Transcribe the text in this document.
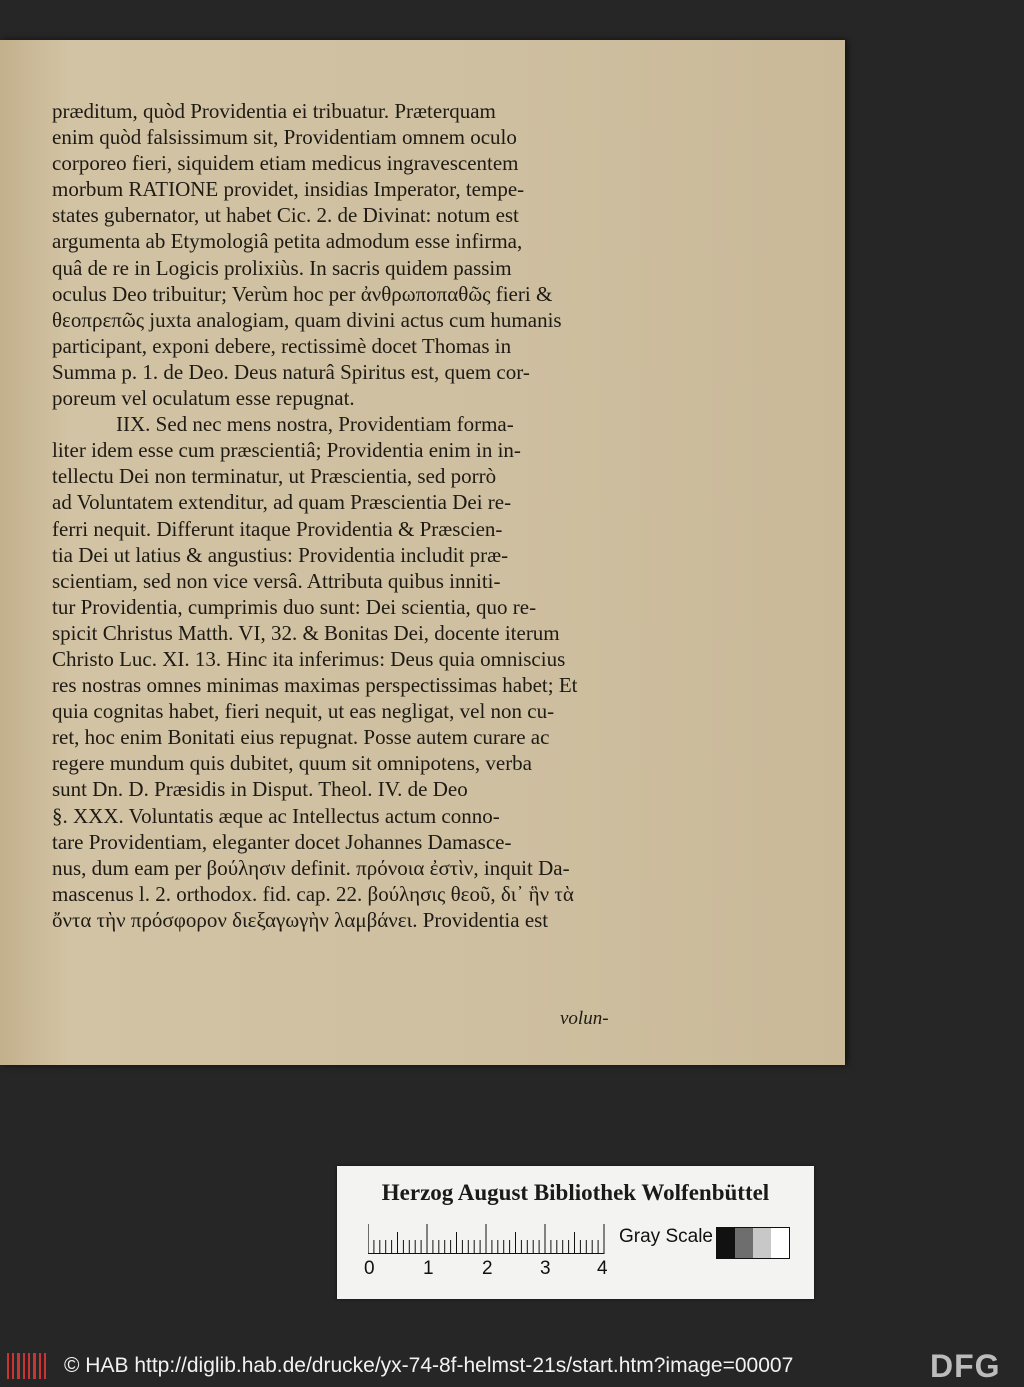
præditum, quòd Providentia ei tribuatur. Præterquam
enim quòd falsissimum sit, Providentiam omnem oculo
corporeo fieri, siquidem etiam medicus ingravescentem
morbum RATIONE providet, insidias Imperator, tempe-
states gubernator, ut habet Cic. 2. de Divinat: notum est
argumenta ab Etymologiâ petita admodum esse infirma,
quâ de re in Logicis prolixiùs. In sacris quidem passim
oculus Deo tribuitur; Verùm hoc per ἀνθρωποπαθῶς fieri &
θεοπρεπῶς juxta analogiam, quam divini actus cum humanis
participant, exponi debere, rectissimè docet Thomas in
Summa p. 1. de Deo. Deus naturâ Spiritus est, quem cor-
poreum vel oculatum esse repugnat.
IIX. Sed nec mens nostra, Providentiam forma-
liter idem esse cum præscientiâ; Providentia enim in in-
tellectu Dei non terminatur, ut Præscientia, sed porrò
ad Voluntatem extenditur, ad quam Præscientia Dei re-
ferri nequit. Differunt itaque Providentia & Præscien-
tia Dei ut latius & angustius: Providentia includit præ-
scientiam, sed non vice versâ. Attributa quibus inniti-
tur Providentia, cumprimis duo sunt: Dei scientia, quo re-
spicit Christus Matth. VI, 32. & Bonitas Dei, docente iterum
Christo Luc. XI. 13. Hinc ita inferimus: Deus quia omniscius
res nostras omnes minimas maximas perspectissimas habet; Et
quia cognitas habet, fieri nequit, ut eas negligat, vel non cu-
ret, hoc enim Bonitati eius repugnat. Posse autem curare ac
regere mundum quis dubitet, quum sit omnipotens, verba
sunt Dn. D. Præsidis in Disput. Theol. IV. de Deo
§. XXX. Voluntatis æque ac Intellectus actum conno-
tare Providentiam, eleganter docet Johannes Damasce-
nus, dum eam per βούλησιν definit. πρόνοια ἐστὶν, inquit Da-
mascenus l. 2. orthodox. fid. cap. 22. βούλησις θεοῦ, δι᾽ ἣν τὰ
ὄντα τὴν πρόσφορον διεξαγωγὴν λαμβάνει. Providentia est
volun-
Herzog August Bibliothek Wolfenbüttel
0	1	2 3 4
Gray Scale
© HAB http://diglib.hab.de/drucke/yx-74-8f-helmst-21s/start.htm?image=00007	DFG
